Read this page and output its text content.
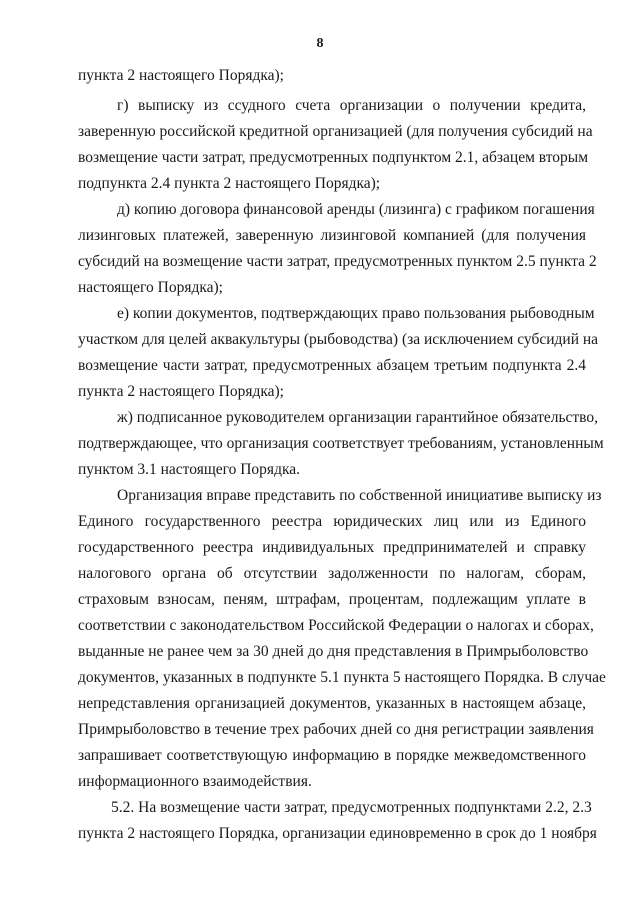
8
пункта 2 настоящего Порядка);
г) выписку из ссудного счета организации о получении кредита,
заверенную российской кредитной организацией (для получения субсидий на
возмещение части затрат, предусмотренных подпунктом 2.1, абзацем вторым
подпункта 2.4 пункта 2 настоящего Порядка);
д) копию договора финансовой аренды (лизинга) с графиком погашения
лизинговых платежей, заверенную лизинговой компанией (для получения
субсидий на возмещение части затрат, предусмотренных пунктом 2.5 пункта 2
настоящего Порядка);
е) копии документов, подтверждающих право пользования рыбоводным
участком для целей аквакультуры (рыбоводства) (за исключением субсидий на
возмещение части затрат, предусмотренных абзацем третьим подпункта 2.4
пункта 2 настоящего Порядка);
ж) подписанное руководителем организации гарантийное обязательство,
подтверждающее, что организация соответствует требованиям, установленным
пунктом 3.1 настоящего Порядка.
Организация вправе представить по собственной инициативе выписку из
Единого государственного реестра юридических лиц или из Единого
государственного реестра индивидуальных предпринимателей и справку
налогового органа об отсутствии задолженности по налогам, сборам,
страховым взносам, пеням, штрафам, процентам, подлежащим уплате в
соответствии с законодательством Российской Федерации о налогах и сборах,
выданные не ранее чем за 30 дней до дня представления в Примрыболовство
документов, указанных в подпункте 5.1 пункта 5 настоящего Порядка. В случае
непредставления организацией документов, указанных в настоящем абзаце,
Примрыболовство в течение трех рабочих дней со дня регистрации заявления
запрашивает соответствующую информацию в порядке межведомственного
информационного взаимодействия.
5.2. На возмещение части затрат, предусмотренных подпунктами 2.2, 2.3
пункта 2 настоящего Порядка, организации единовременно в срок до 1 ноября
